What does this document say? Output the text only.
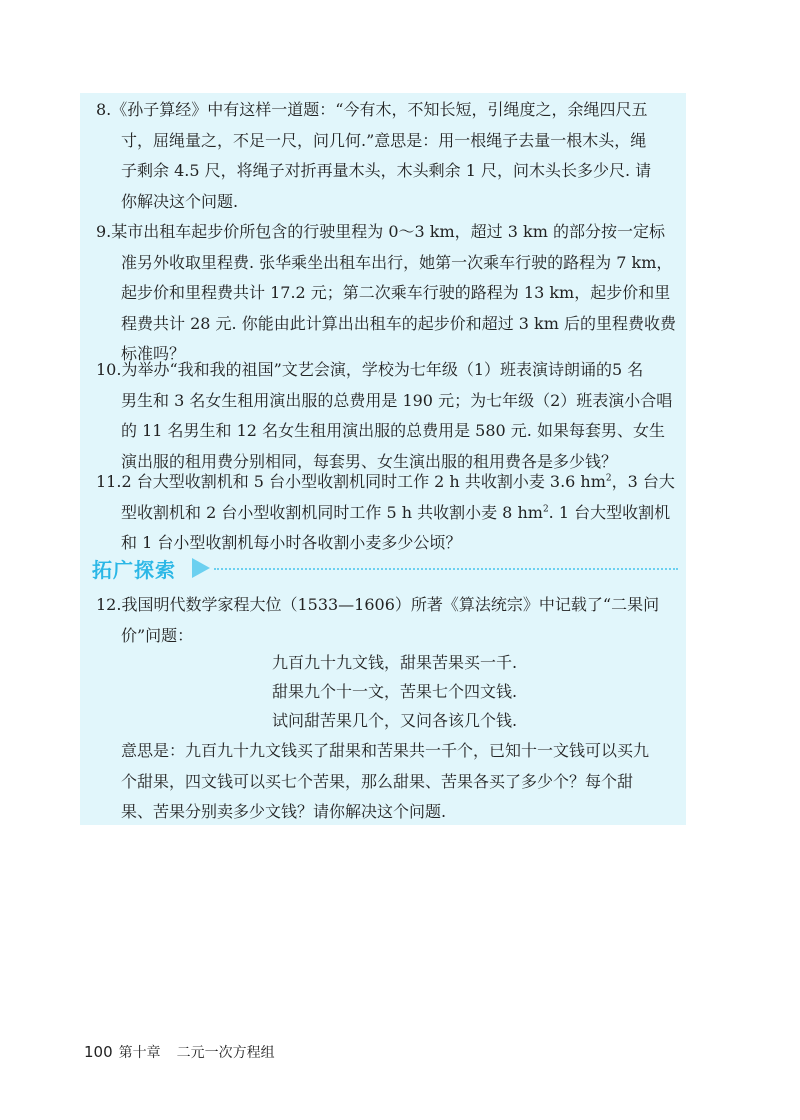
8.《孙子算经》中有这样一道题：“今有木，不知长短，引绳度之，余绳四尺五
寸，屈绳量之，不足一尺，问几何.”意思是：用一根绳子去量一根木头，绳
子剩余 4.5 尺，将绳子对折再量木头，木头剩余 1 尺，问木头长多少尺. 请
你解决这个问题.
9.某市出租车起步价所包含的行驶里程为 0～3 km，超过 3 km 的部分按一定标
准另外收取里程费. 张华乘坐出租车出行，她第一次乘车行驶的路程为 7 km，
起步价和里程费共计 17.2 元；第二次乘车行驶的路程为 13 km，起步价和里
程费共计 28 元. 你能由此计算出出租车的起步价和超过 3 km 后的里程费收费
标准吗？
10.为举办“我和我的祖国”文艺会演，学校为七年级（1）班表演诗朗诵的5 名
男生和 3 名女生租用演出服的总费用是 190 元；为七年级（2）班表演小合唱
的 11 名男生和 12 名女生租用演出服的总费用是 580 元. 如果每套男、女生
演出服的租用费分别相同，每套男、女生演出服的租用费各是多少钱？
11.2 台大型收割机和 5 台小型收割机同时工作 2 h 共收割小麦 3.6 $hm^2$，3 台大
型收割机和 2 台小型收割机同时工作 5 h 共收割小麦 8 $hm^2$. 1 台大型收割机
和 1 台小型收割机每小时各收割小麦多少公顷？
拓广探索
12.我国明代数学家程大位（1533—1606）所著《算法统宗》中记载了“二果问
价”问题：
九百九十九文钱，甜果苦果买一千.
甜果九个十一文，苦果七个四文钱.
试问甜苦果几个，又问各该几个钱.
意思是：九百九十九文钱买了甜果和苦果共一千个，已知十一文钱可以买九
个甜果，四文钱可以买七个苦果，那么甜果、苦果各买了多少个？每个甜
果、苦果分别卖多少文钱？请你解决这个问题.
100 第十章 二元一次方程组
